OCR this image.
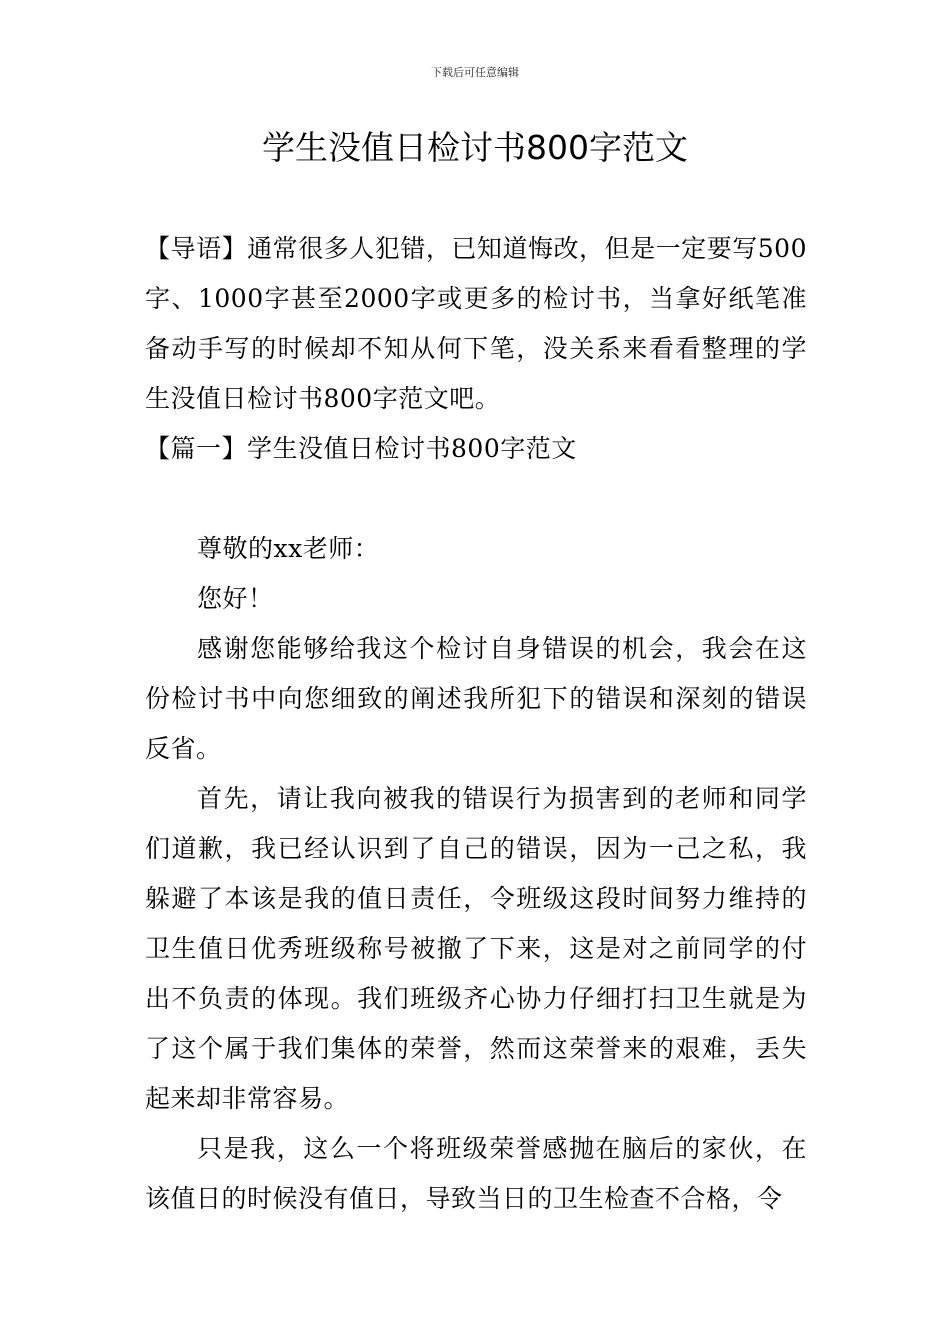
下载后可任意编辑
学生没值日检讨书800字范文

【导语】通常很多人犯错，已知道悔改，但是一定要写500字、1000字甚至2000字或更多的检讨书，当拿好纸笔准备动手写的时候却不知从何下笔，没关系来看看整理的学生没值日检讨书800字范文吧。

【篇一】学生没值日检讨书800字范文

尊敬的xx老师：

您好！

感谢您能够给我这个检讨自身错误的机会，我会在这份检讨书中向您细致的阐述我所犯下的错误和深刻的错误反省。

首先，请让我向被我的错误行为损害到的老师和同学们道歉，我已经认识到了自己的错误，因为一己之私，我躲避了本该是我的值日责任，令班级这段时间努力维持的卫生值日优秀班级称号被撤了下来，这是对之前同学的付出不负责的体现。我们班级齐心协力仔细打扫卫生就是为了这个属于我们集体的荣誉，然而这荣誉来的艰难，丢失起来却非常容易。

只是我，这么一个将班级荣誉感抛在脑后的家伙，在该值日的时候没有值日，导致当日的卫生检查不合格，令
